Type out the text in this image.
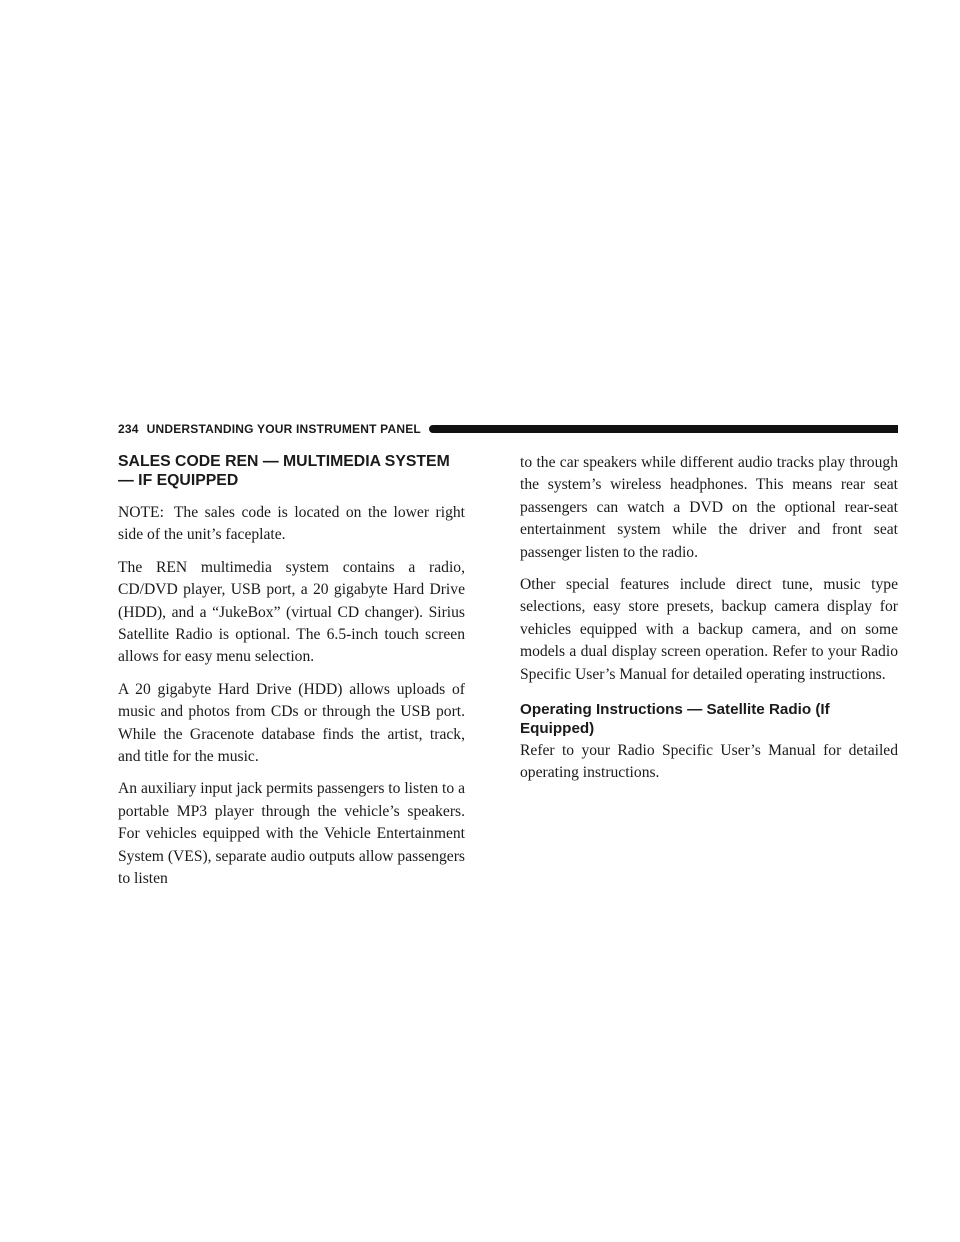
234 UNDERSTANDING YOUR INSTRUMENT PANEL
SALES CODE REN — MULTIMEDIA SYSTEM — IF EQUIPPED

NOTE: The sales code is located on the lower right side of the unit’s faceplate.

The REN multimedia system contains a radio, CD/DVD player, USB port, a 20 gigabyte Hard Drive (HDD), and a “JukeBox” (virtual CD changer). Sirius Satellite Radio is optional. The 6.5-inch touch screen allows for easy menu selection.

A 20 gigabyte Hard Drive (HDD) allows uploads of music and photos from CDs or through the USB port. While the Gracenote database finds the artist, track, and title for the music.

An auxiliary input jack permits passengers to listen to a portable MP3 player through the vehicle’s speakers. For vehicles equipped with the Vehicle Entertainment System (VES), separate audio outputs allow passengers to listen

to the car speakers while different audio tracks play through the system’s wireless headphones. This means rear seat passengers can watch a DVD on the optional rear-seat entertainment system while the driver and front seat passenger listen to the radio.

Other special features include direct tune, music type selections, easy store presets, backup camera display for vehicles equipped with a backup camera, and on some models a dual display screen operation. Refer to your Radio Specific User’s Manual for detailed operating instructions.

Operating Instructions — Satellite Radio (If Equipped)

Refer to your Radio Specific User’s Manual for detailed operating instructions.
